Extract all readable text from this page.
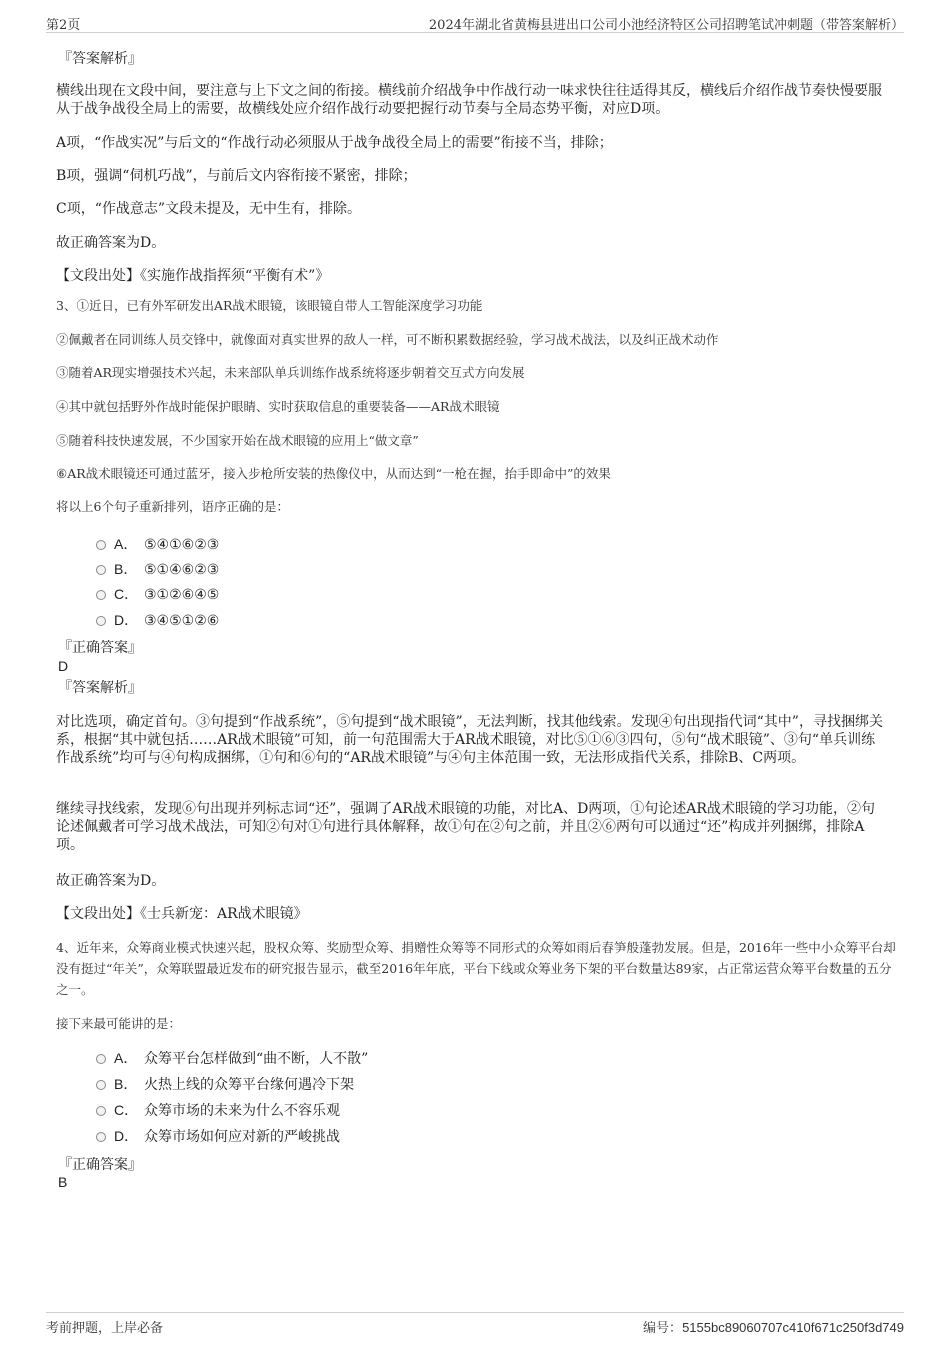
第2页	2024年湖北省黄梅县进出口公司小池经济特区公司招聘笔试冲刺题（带答案解析）

『答案解析』

横线出现在文段中间，要注意与上下文之间的衔接。横线前介绍战争中作战行动一味求快往往适得其反，横线后介绍作战节奏快慢要服从于战争战役全局上的需要，故横线处应介绍作战行动要把握行动节奏与全局态势平衡，对应D项。

A项，“作战实况”与后文的“作战行动必须服从于战争战役全局上的需要”衔接不当，排除；

B项，强调“伺机巧战”，与前后文内容衔接不紧密，排除；

C项，“作战意志”文段未提及，无中生有，排除。

故正确答案为D。

【文段出处】《实施作战指挥须“平衡有术”》

3、①近日，已有外军研发出AR战术眼镜，该眼镜自带人工智能深度学习功能

②佩戴者在同训练人员交锋中，就像面对真实世界的敌人一样，可不断积累数据经验，学习战术战法，以及纠正战术动作

③随着AR现实增强技术兴起，未来部队单兵训练作战系统将逐步朝着交互式方向发展

④其中就包括野外作战时能保护眼睛、实时获取信息的重要装备——AR战术眼镜

⑤随着科技快速发展，不少国家开始在战术眼镜的应用上“做文章”

⑥AR战术眼镜还可通过蓝牙，接入步枪所安装的热像仪中，从而达到“一枪在握，抬手即命中”的效果

将以上6个句子重新排列，语序正确的是：

A． ⑤④①⑥②③
B． ⑤①④⑥②③
C． ③①②⑥④⑤
D． ③④⑤①②⑥

『正确答案』

D

『答案解析』

对比选项，确定首句。③句提到“作战系统”，⑤句提到“战术眼镜”，无法判断，找其他线索。发现④句出现指代词“其中”，寻找捆绑关系，根据“其中就包括……AR战术眼镜”可知，前一句范围需大于AR战术眼镜，对比⑤①⑥③四句，⑤句“战术眼镜”、③句“单兵训练作战系统”均可与④句构成捆绑，①句和⑥句的“AR战术眼镜”与④句主体范围一致，无法形成指代关系，排除B、C两项。

继续寻找线索，发现⑥句出现并列标志词“还”，强调了AR战术眼镜的功能，对比A、D两项，①句论述AR战术眼镜的学习功能，②句论述佩戴者可学习战术战法，可知②句对①句进行具体解释，故①句在②句之前，并且②⑥两句可以通过“还”构成并列捆绑，排除A项。

故正确答案为D。

【文段出处】《士兵新宠：AR战术眼镜》

4、近年来，众筹商业模式快速兴起，股权众筹、奖励型众筹、捐赠性众筹等不同形式的众筹如雨后春笋般蓬勃发展。但是，2016年一些中小众筹平台却没有挺过“年关”，众筹联盟最近发布的研究报告显示，截至2016年年底，平台下线或众筹业务下架的平台数量达89家，占正常运营众筹平台数量的五分之一。

接下来最可能讲的是：

A． 众筹平台怎样做到“曲不断，人不散”
B． 火热上线的众筹平台缘何遇冷下架
C． 众筹市场的未来为什么不容乐观
D． 众筹市场如何应对新的严峻挑战

『正确答案』

B

考前押题，上岸必备	编号：5155bc89060707c410f671c250f3d749
